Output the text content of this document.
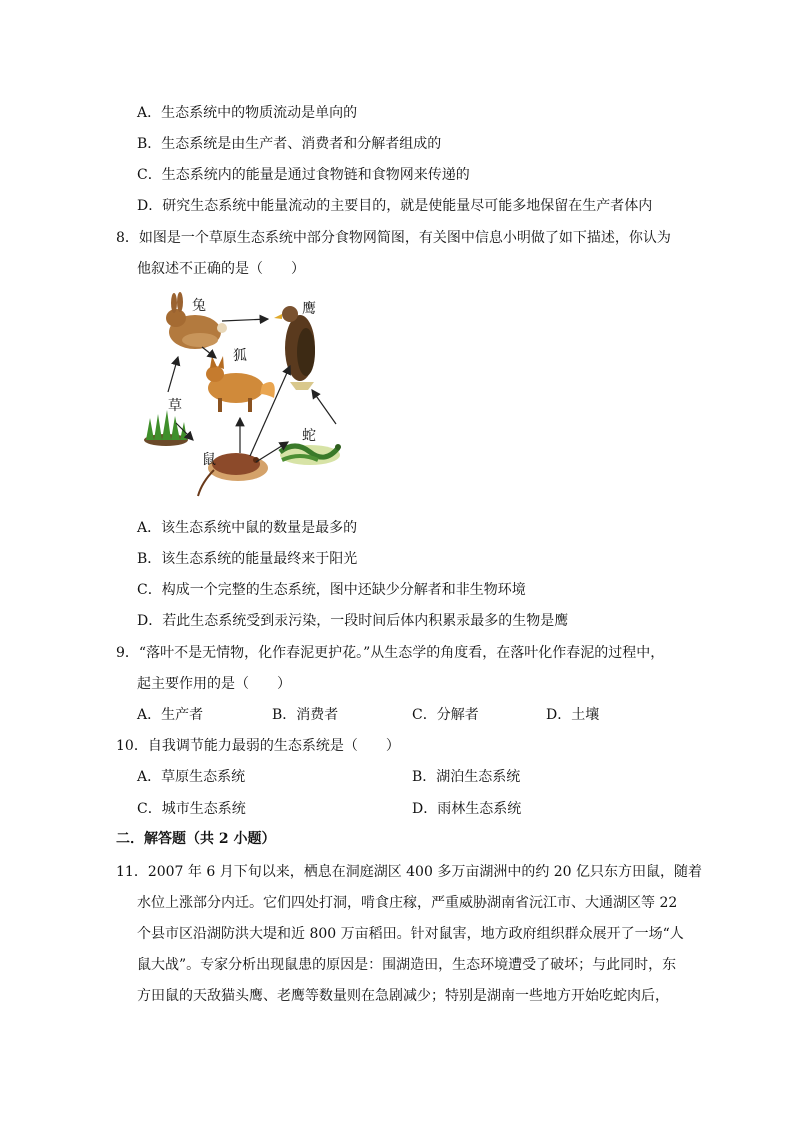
A．生态系统中的物质流动是单向的
B．生态系统是由生产者、消费者和分解者组成的
C．生态系统内的能量是通过食物链和食物网来传递的
D．研究生态系统中能量流动的主要目的，就是使能量尽可能多地保留在生产者体内
8．如图是一个草原生态系统中部分食物网简图，有关图中信息小明做了如下描述，你认为
他叙述不正确的是（　　）
兔	鹰
狐
草
鼠
蛇
A．该生态系统中鼠的数量是最多的
B．该生态系统的能量最终来于阳光
C．构成一个完整的生态系统，图中还缺少分解者和非生物环境
D．若此生态系统受到汞污染，一段时间后体内积累汞最多的生物是鹰
9．“落叶不是无情物，化作春泥更护花。”从生态学的角度看，在落叶化作春泥的过程中，
起主要作用的是（　　）
A．生产者	B．消费者	C．分解者	D．土壤
10．自我调节能力最弱的生态系统是（　　）
A．草原生态系统	B．湖泊生态系统
C．城市生态系统	D．雨林生态系统
二．解答题（共 2 小题）
11．2007 年 6 月下旬以来，栖息在洞庭湖区 400 多万亩湖洲中的约 20 亿只东方田鼠，随着
水位上涨部分内迁。它们四处打洞，啃食庄稼，严重威胁湖南省沅江市、大通湖区等 22
个县市区沿湖防洪大堤和近 800 万亩稻田。针对鼠害，地方政府组织群众展开了一场“人
鼠大战”。专家分析出现鼠患的原因是：围湖造田，生态环境遭受了破坏；与此同时，东
方田鼠的天敌猫头鹰、老鹰等数量则在急剧减少；特别是湖南一些地方开始吃蛇肉后，
